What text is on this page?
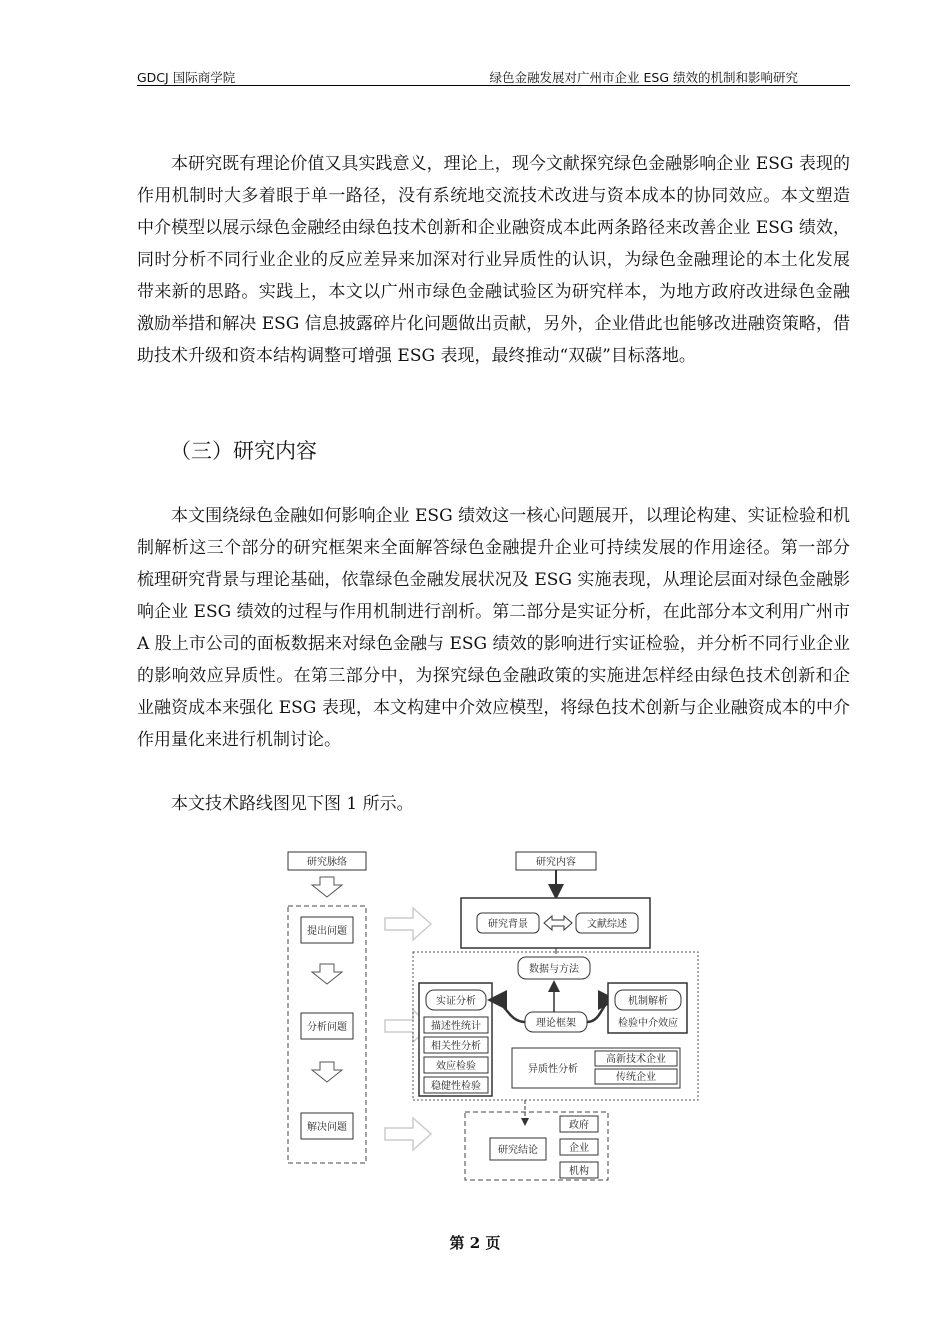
GDCJ 国际商学院	绿色金融发展对广州市企业 ESG 绩效的机制和影响研究

本研究既有理论价值又具实践意义，理论上，现今文献探究绿色金融影响企业 ESG 表现的作用机制时大多着眼于单一路径，没有系统地交流技术改进与资本成本的协同效应。本文塑造中介模型以展示绿色金融经由绿色技术创新和企业融资成本此两条路径来改善企业 ESG 绩效，同时分析不同行业企业的反应差异来加深对行业异质性的认识，为绿色金融理论的本土化发展带来新的思路。实践上，本文以广州市绿色金融试验区为研究样本，为地方政府改进绿色金融激励举措和解决 ESG 信息披露碎片化问题做出贡献，另外，企业借此也能够改进融资策略，借助技术升级和资本结构调整可增强 ESG 表现，最终推动“双碳”目标落地。

（三）研究内容

本文围绕绿色金融如何影响企业 ESG 绩效这一核心问题展开，以理论构建、实证检验和机制解析这三个部分的研究框架来全面解答绿色金融提升企业可持续发展的作用途径。第一部分梳理研究背景与理论基础，依靠绿色金融发展状况及 ESG 实施表现，从理论层面对绿色金融影响企业 ESG 绩效的过程与作用机制进行剖析。第二部分是实证分析，在此部分本文利用广州市 A 股上市公司的面板数据来对绿色金融与 ESG 绩效的影响进行实证检验，并分析不同行业企业的影响效应异质性。在第三部分中，为探究绿色金融政策的实施进怎样经由绿色技术创新和企业融资成本来强化 ESG 表现，本文构建中介效应模型，将绿色技术创新与企业融资成本的中介作用量化来进行机制讨论。

本文技术路线图见下图 1 所示。

研究脉络
提出问题
分析问题
解决问题
研究内容
研究背景	文献综述
数据与方法
实证分析
描述性统计
相关性分析
效应检验
稳健性检验
理论框架
机制解析
检验中介效应
异质性分析
高新技术企业
传统企业
研究结论
政府
企业
机构
第 2 页
